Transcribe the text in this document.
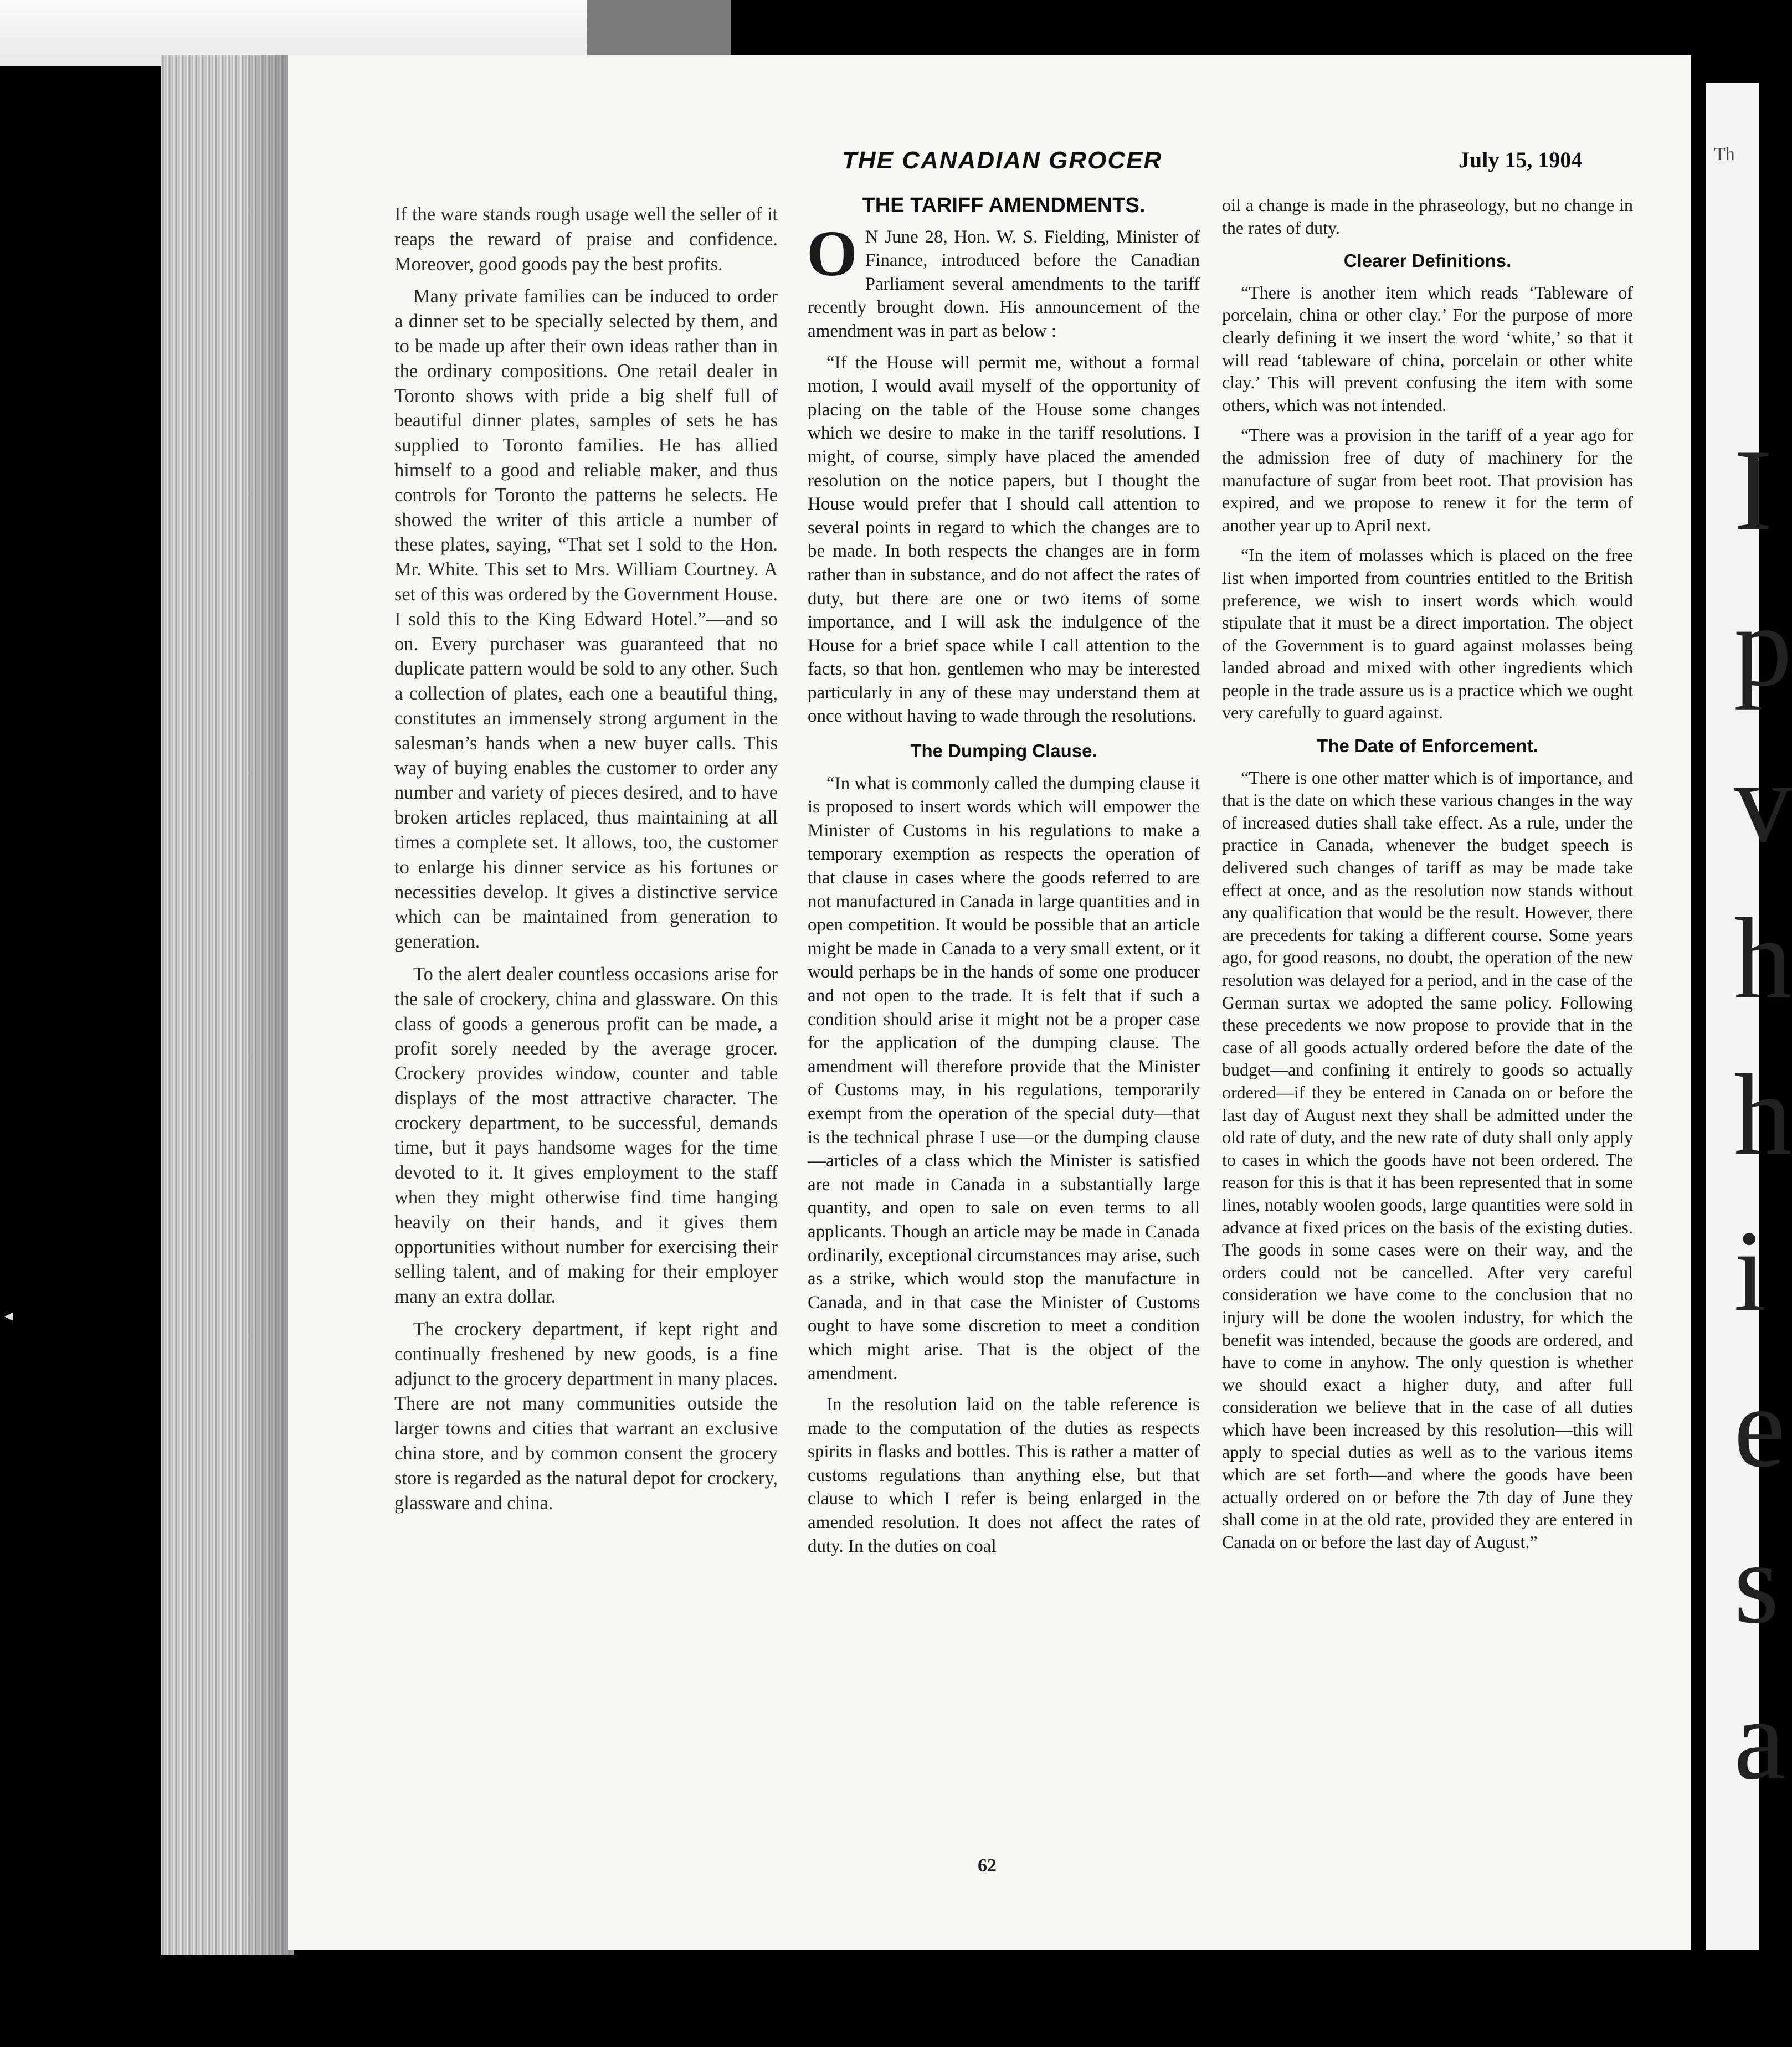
◂
THE CANADIAN GROCER	July 15, 1904

If the ware stands rough usage well the seller of it reaps the reward of praise and confidence. Moreover, good goods pay the best profits.

Many private families can be induced to order a dinner set to be specially selected by them, and to be made up after their own ideas rather than in the ordinary compositions. One retail dealer in Toronto shows with pride a big shelf full of beautiful dinner plates, samples of sets he has supplied to Toronto families. He has allied himself to a good and reliable maker, and thus controls for Toronto the patterns he selects. He showed the writer of this article a number of these plates, saying, “That set I sold to the Hon. Mr. White. This set to Mrs. William Courtney. A set of this was ordered by the Government House. I sold this to the King Edward Hotel.”—and so on. Every purchaser was guaranteed that no duplicate pattern would be sold to any other. Such a collection of plates, each one a beautiful thing, constitutes an immensely strong argument in the salesman’s hands when a new buyer calls. This way of buying enables the customer to order any number and variety of pieces desired, and to have broken articles replaced, thus maintaining at all times a complete set. It allows, too, the customer to enlarge his dinner service as his fortunes or necessities develop. It gives a distinctive service which can be maintained from generation to generation.

To the alert dealer countless occasions arise for the sale of crockery, china and glassware. On this class of goods a generous profit can be made, a profit sorely needed by the average grocer. Crockery provides window, counter and table displays of the most attractive character. The crockery department, to be successful, demands time, but it pays handsome wages for the time devoted to it. It gives employment to the staff when they might otherwise find time hanging heavily on their hands, and it gives them opportunities without number for exercising their selling talent, and of making for their employer many an extra dollar.

The crockery department, if kept right and continually freshened by new goods, is a fine adjunct to the grocery department in many places. There are not many communities outside the larger towns and cities that warrant an exclusive china store, and by common consent the grocery store is regarded as the natural depot for crockery, glassware and china.

THE TARIFF AMENDMENTS.

O N June 28, Hon. W. S. Fielding, Minister of Finance, introduced before the Canadian Parliament several amendments to the tariff recently brought down. His announcement of the amendment was in part as below :

“If the House will permit me, without a formal motion, I would avail myself of the opportunity of placing on the table of the House some changes which we desire to make in the tariff resolutions. I might, of course, simply have placed the amended resolution on the notice papers, but I thought the House would prefer that I should call attention to several points in regard to which the changes are to be made. In both respects the changes are in form rather than in substance, and do not affect the rates of duty, but there are one or two items of some importance, and I will ask the indulgence of the House for a brief space while I call attention to the facts, so that hon. gentlemen who may be interested particularly in any of these may understand them at once without having to wade through the resolutions.

The Dumping Clause.

“In what is commonly called the dumping clause it is proposed to insert words which will empower the Minister of Customs in his regulations to make a temporary exemption as respects the operation of that clause in cases where the goods referred to are not manufactured in Canada in large quantities and in open competition. It would be possible that an article might be made in Canada to a very small extent, or it would perhaps be in the hands of some one producer and not open to the trade. It is felt that if such a condition should arise it might not be a proper case for the application of the dumping clause. The amendment will therefore provide that the Minister of Customs may, in his regulations, temporarily exempt from the operation of the special duty—that is the technical phrase I use—or the dumping clause—articles of a class which the Minister is satisfied are not made in Canada in a substantially large quantity, and open to sale on even terms to all applicants. Though an article may be made in Canada ordinarily, exceptional circumstances may arise, such as a strike, which would stop the manufacture in Canada, and in that case the Minister of Customs ought to have some discretion to meet a condition which might arise. That is the object of the amendment.

In the resolution laid on the table reference is made to the computation of the duties as respects spirits in flasks and bottles. This is rather a matter of customs regulations than anything else, but that clause to which I refer is being enlarged in the amended resolution. It does not affect the rates of duty. In the duties on coal

oil a change is made in the phraseology, but no change in the rates of duty.

Clearer Definitions.

“There is another item which reads ‘Tableware of porcelain, china or other clay.’ For the purpose of more clearly defining it we insert the word ‘white,’ so that it will read ‘tableware of china, porcelain or other white clay.’ This will prevent confusing the item with some others, which was not intended.

“There was a provision in the tariff of a year ago for the admission free of duty of machinery for the manufacture of sugar from beet root. That provision has expired, and we propose to renew it for the term of another year up to April next.

“In the item of molasses which is placed on the free list when imported from countries entitled to the British preference, we wish to insert words which would stipulate that it must be a direct importation. The object of the Government is to guard against molasses being landed abroad and mixed with other ingredients which people in the trade assure us is a practice which we ought very carefully to guard against.

The Date of Enforcement.

“There is one other matter which is of importance, and that is the date on which these various changes in the way of increased duties shall take effect. As a rule, under the practice in Canada, whenever the budget speech is delivered such changes of tariff as may be made take effect at once, and as the resolution now stands without any qualification that would be the result. However, there are precedents for taking a different course. Some years ago, for good reasons, no doubt, the operation of the new resolution was delayed for a period, and in the case of the German surtax we adopted the same policy. Following these precedents we now propose to provide that in the case of all goods actually ordered before the date of the budget—and confining it entirely to goods so actually ordered—if they be entered in Canada on or before the last day of August next they shall be admitted under the old rate of duty, and the new rate of duty shall only apply to cases in which the goods have not been ordered. The reason for this is that it has been represented that in some lines, notably woolen goods, large quantities were sold in advance at fixed prices on the basis of the existing duties. The goods in some cases were on their way, and the orders could not be cancelled. After very careful consideration we have come to the conclusion that no injury will be done the woolen industry, for which the benefit was intended, because the goods are ordered, and have to come in anyhow. The only question is whether we should exact a higher duty, and after full consideration we believe that in the case of all duties which have been increased by this resolution—this will apply to special duties as well as to the various items which are set forth—and where the goods have been actually ordered on or before the 7th day of June they shall come in at the old rate, provided they are entered in Canada on or before the last day of August.”

62
Th
I
p
v
h
h
i
e
s
a
